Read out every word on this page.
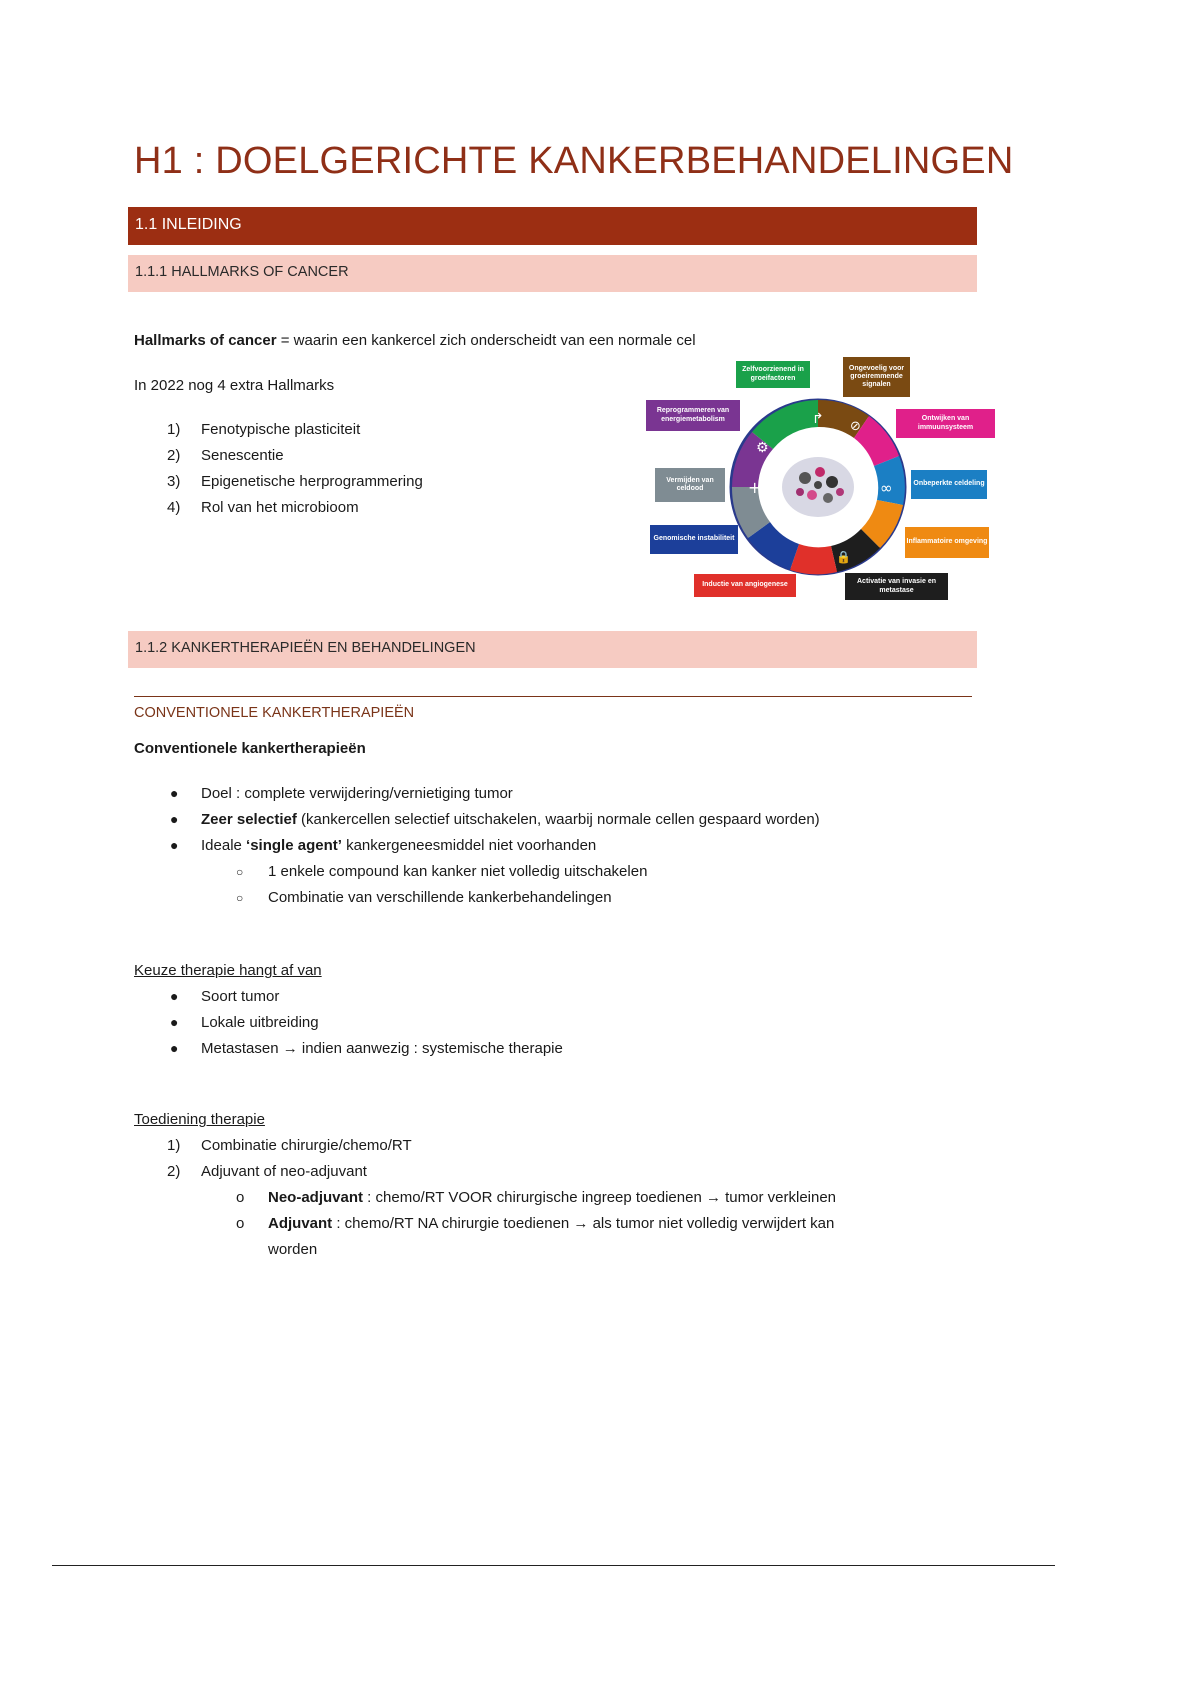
H1 : DOELGERICHTE KANKERBEHANDELINGEN
1.1 INLEIDING
1.1.1 HALLMARKS OF CANCER
Hallmarks of cancer = waarin een kankercel zich onderscheidt van een normale cel
In 2022 nog 4 extra Hallmarks
1) Fenotypische plasticiteit
2) Senescentie
3) Epigenetische herprogrammering
4) Rol van het microbioom
↱ ⊘
∞
+
⚙
🔒
Zelfvoorzienend in groeifactoren
Ongevoelig voor groeiremmende signalen
Ontwijken van immuunsysteem
Onbeperkte celdeling
Inflammatoire omgeving
Activatie van invasie en metastase
Inductie van angiogenese
Genomische instabiliteit
Vermijden van celdood
Reprogrammeren van energiemetabolism
1.1.2 KANKERTHERAPIEËN EN BEHANDELINGEN
CONVENTIONELE KANKERTHERAPIEËN
Conventionele kankertherapieën
● Doel : complete verwijdering/vernietiging tumor
● Zeer selectief (kankercellen selectief uitschakelen, waarbij normale cellen gespaard worden)
● Ideale ‘single agent’ kankergeneesmiddel niet voorhanden
○ 1 enkele compound kan kanker niet volledig uitschakelen
○ Combinatie van verschillende kankerbehandelingen
Keuze therapie hangt af van
● Soort tumor
● Lokale uitbreiding
● Metastasen → indien aanwezig : systemische therapie
Toediening therapie
1) Combinatie chirurgie/chemo/RT
2) Adjuvant of neo-adjuvant
o Neo-adjuvant : chemo/RT VOOR chirurgische ingreep toedienen → tumor verkleinen
o Adjuvant : chemo/RT NA chirurgie toedienen → als tumor niet volledig verwijdert kan
worden
